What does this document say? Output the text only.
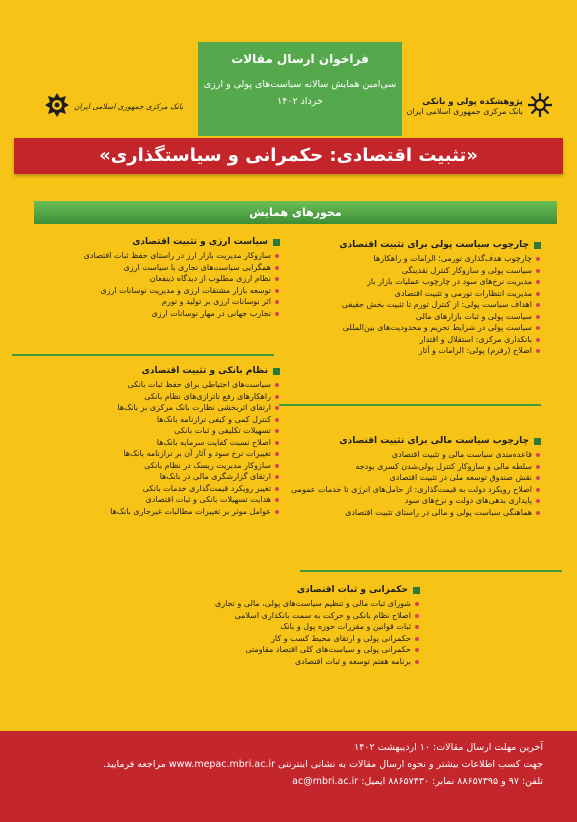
فراخوان ارسال مقالات
سی‌امین همایش سالانه سیاست‌های پولی و ارزی
خرداد ۱۴۰۲	پژوهشکده پولی و بانکی
بانک مرکزی جمهوری اسلامی ایران
بانک مرکزی جمهوری اسلامی ایران
«تثبیت اقتصادی: حکمرانی و سیاستگذاری»
محورهای همایش
چارچوب سیاست پولی برای تثبیت اقتصادی
چارچوب هدف‌گذاری تورمی؛ الزامات و راهکارها
سیاست پولی و سازوکار کنترل نقدینگی
مدیریت نرخ‌های سود در چارچوب عملیات بازار باز
مدیریت انتظارات تورمی و تثبیت اقتصادی
اهداف سیاست پولی: از کنترل تورم تا تثبیت بخش حقیقی
سیاست پولی و ثبات بازارهای مالی
سیاست پولی در شرایط تحریم و محدودیت‌های بین‌المللی
بانکداری مرکزی: استقلال و اقتدار
اصلاح (رفرم) پولی: الزامات و آثار
چارچوب سیاست مالی برای تثبیت اقتصادی
قاعده‌مندی سیاست مالی و تثبیت اقتصادی
سلطه مالی و سازوکار کنترل پولی‌شدن کسری بودجه
نقش صندوق توسعه ملی در تثبیت اقتصادی
اصلاح رویکرد دولت به قیمت‌گذاری: از حامل‌های انرژی تا خدمات عمومی
پایداری بدهی‌های دولت و نرخ‌های سود
هماهنگی سیاست پولی و مالی در راستای تثبیت اقتصادی
سیاست ارزی و تثبیت اقتصادی
سازوکار مدیریت بازار ارز در راستای حفظ ثبات اقتصادی
همگرایی سیاست‌های تجاری با سیاست ارزی
نظام ارزی مطلوب از دیدگاه ذینفعان
توسعه بازار مشتقات ارزی و مدیریت نوسانات ارزی
اثر نوسانات ارزی بر تولید و تورم
تجارب جهانی در مهار نوسانات ارزی
نظام بانکی و تثبیت اقتصادی
سیاست‌های احتیاطی برای حفظ ثبات بانکی
راهکارهای رفع ناترازی‌های نظام بانکی
ارتقای اثربخشی نظارت بانک مرکزی بر بانک‌ها
کنترل کمی و کیفی ترازنامه بانک‌ها
تسهیلات تکلیفی و ثبات بانکی
اصلاح نسبت کفایت سرمایه بانک‌ها
تغییرات نرخ سود و آثار آن بر ترازنامه بانک‌ها
سازوکار مدیریت ریسک در نظام بانکی
ارتقای گزارشگری مالی در بانک‌ها
تغییر رویکرد قیمت‌گذاری خدمات بانکی
هدایت تسهیلات بانکی و ثبات اقتصادی
عوامل موثر بر تغییرات مطالبات غیرجاری بانک‌ها
حکمرانی و ثبات اقتصادی
شورای ثبات مالی و تنظیم سیاست‌های پولی، مالی و تجاری
اصلاح نظام بانکی و حرکت به سمت بانکداری اسلامی
ثبات قوانین و مقررات حوزه پول و بانک
حکمرانی پولی و ارتقای محیط کسب و کار
حکمرانی پولی و سیاست‌های کلی اقتصاد مقاومتی
برنامه هفتم توسعه و ثبات اقتصادی
آخرین مهلت ارسال مقالات: ۱۰ اردیبهشت ۱۴۰۲
جهت کسب اطلاعات بیشتر و نحوه ارسال مقالات به نشانی اینترنتی www.mepac.mbri.ac.ir مراجعه فرمایید.
تلفن: ۹۷ و ۸۸۶۵۷۳۹۵ نمابر: ۸۸۶۵۷۴۳۰ ایمیل: ac@mbri.ac.ir
